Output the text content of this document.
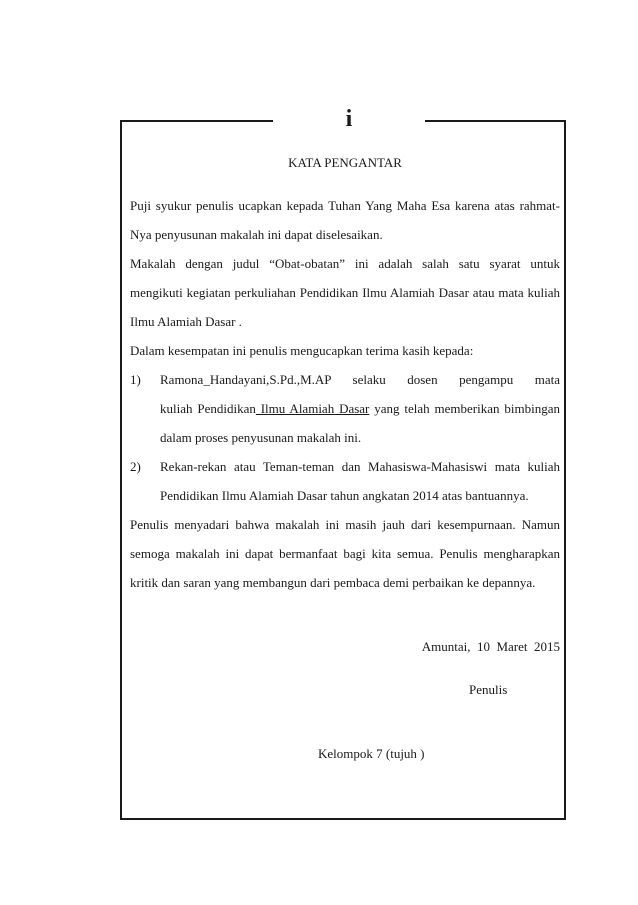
i

KATA PENGANTAR

Puji syukur penulis ucapkan kepada Tuhan Yang Maha Esa karena atas rahmat-

Nya penyusunan makalah ini dapat diselesaikan.

Makalah dengan judul “Obat-obatan” ini adalah salah satu syarat untuk

mengikuti kegiatan perkuliahan Pendidikan Ilmu Alamiah Dasar atau mata kuliah

Ilmu Alamiah Dasar .

Dalam kesempatan ini penulis mengucapkan terima kasih kepada:

1)	Ramona_Handayani,S.Pd.,M.AP selaku dosen pengampu mata

kuliah Pendidikan Ilmu Alamiah Dasar yang telah memberikan bimbingan

dalam proses penyusunan makalah ini.

2)	Rekan-rekan atau Teman-teman dan Mahasiswa-Mahasiswi mata kuliah

Pendidikan Ilmu Alamiah Dasar tahun angkatan 2014 atas bantuannya.

Penulis menyadari bahwa makalah ini masih jauh dari kesempurnaan. Namun

semoga makalah ini dapat bermanfaat bagi kita semua. Penulis mengharapkan

kritik dan saran yang membangun dari pembaca demi perbaikan ke depannya.

Amuntai,  10  Maret  2015

Penulis

Kelompok 7 (tujuh )
